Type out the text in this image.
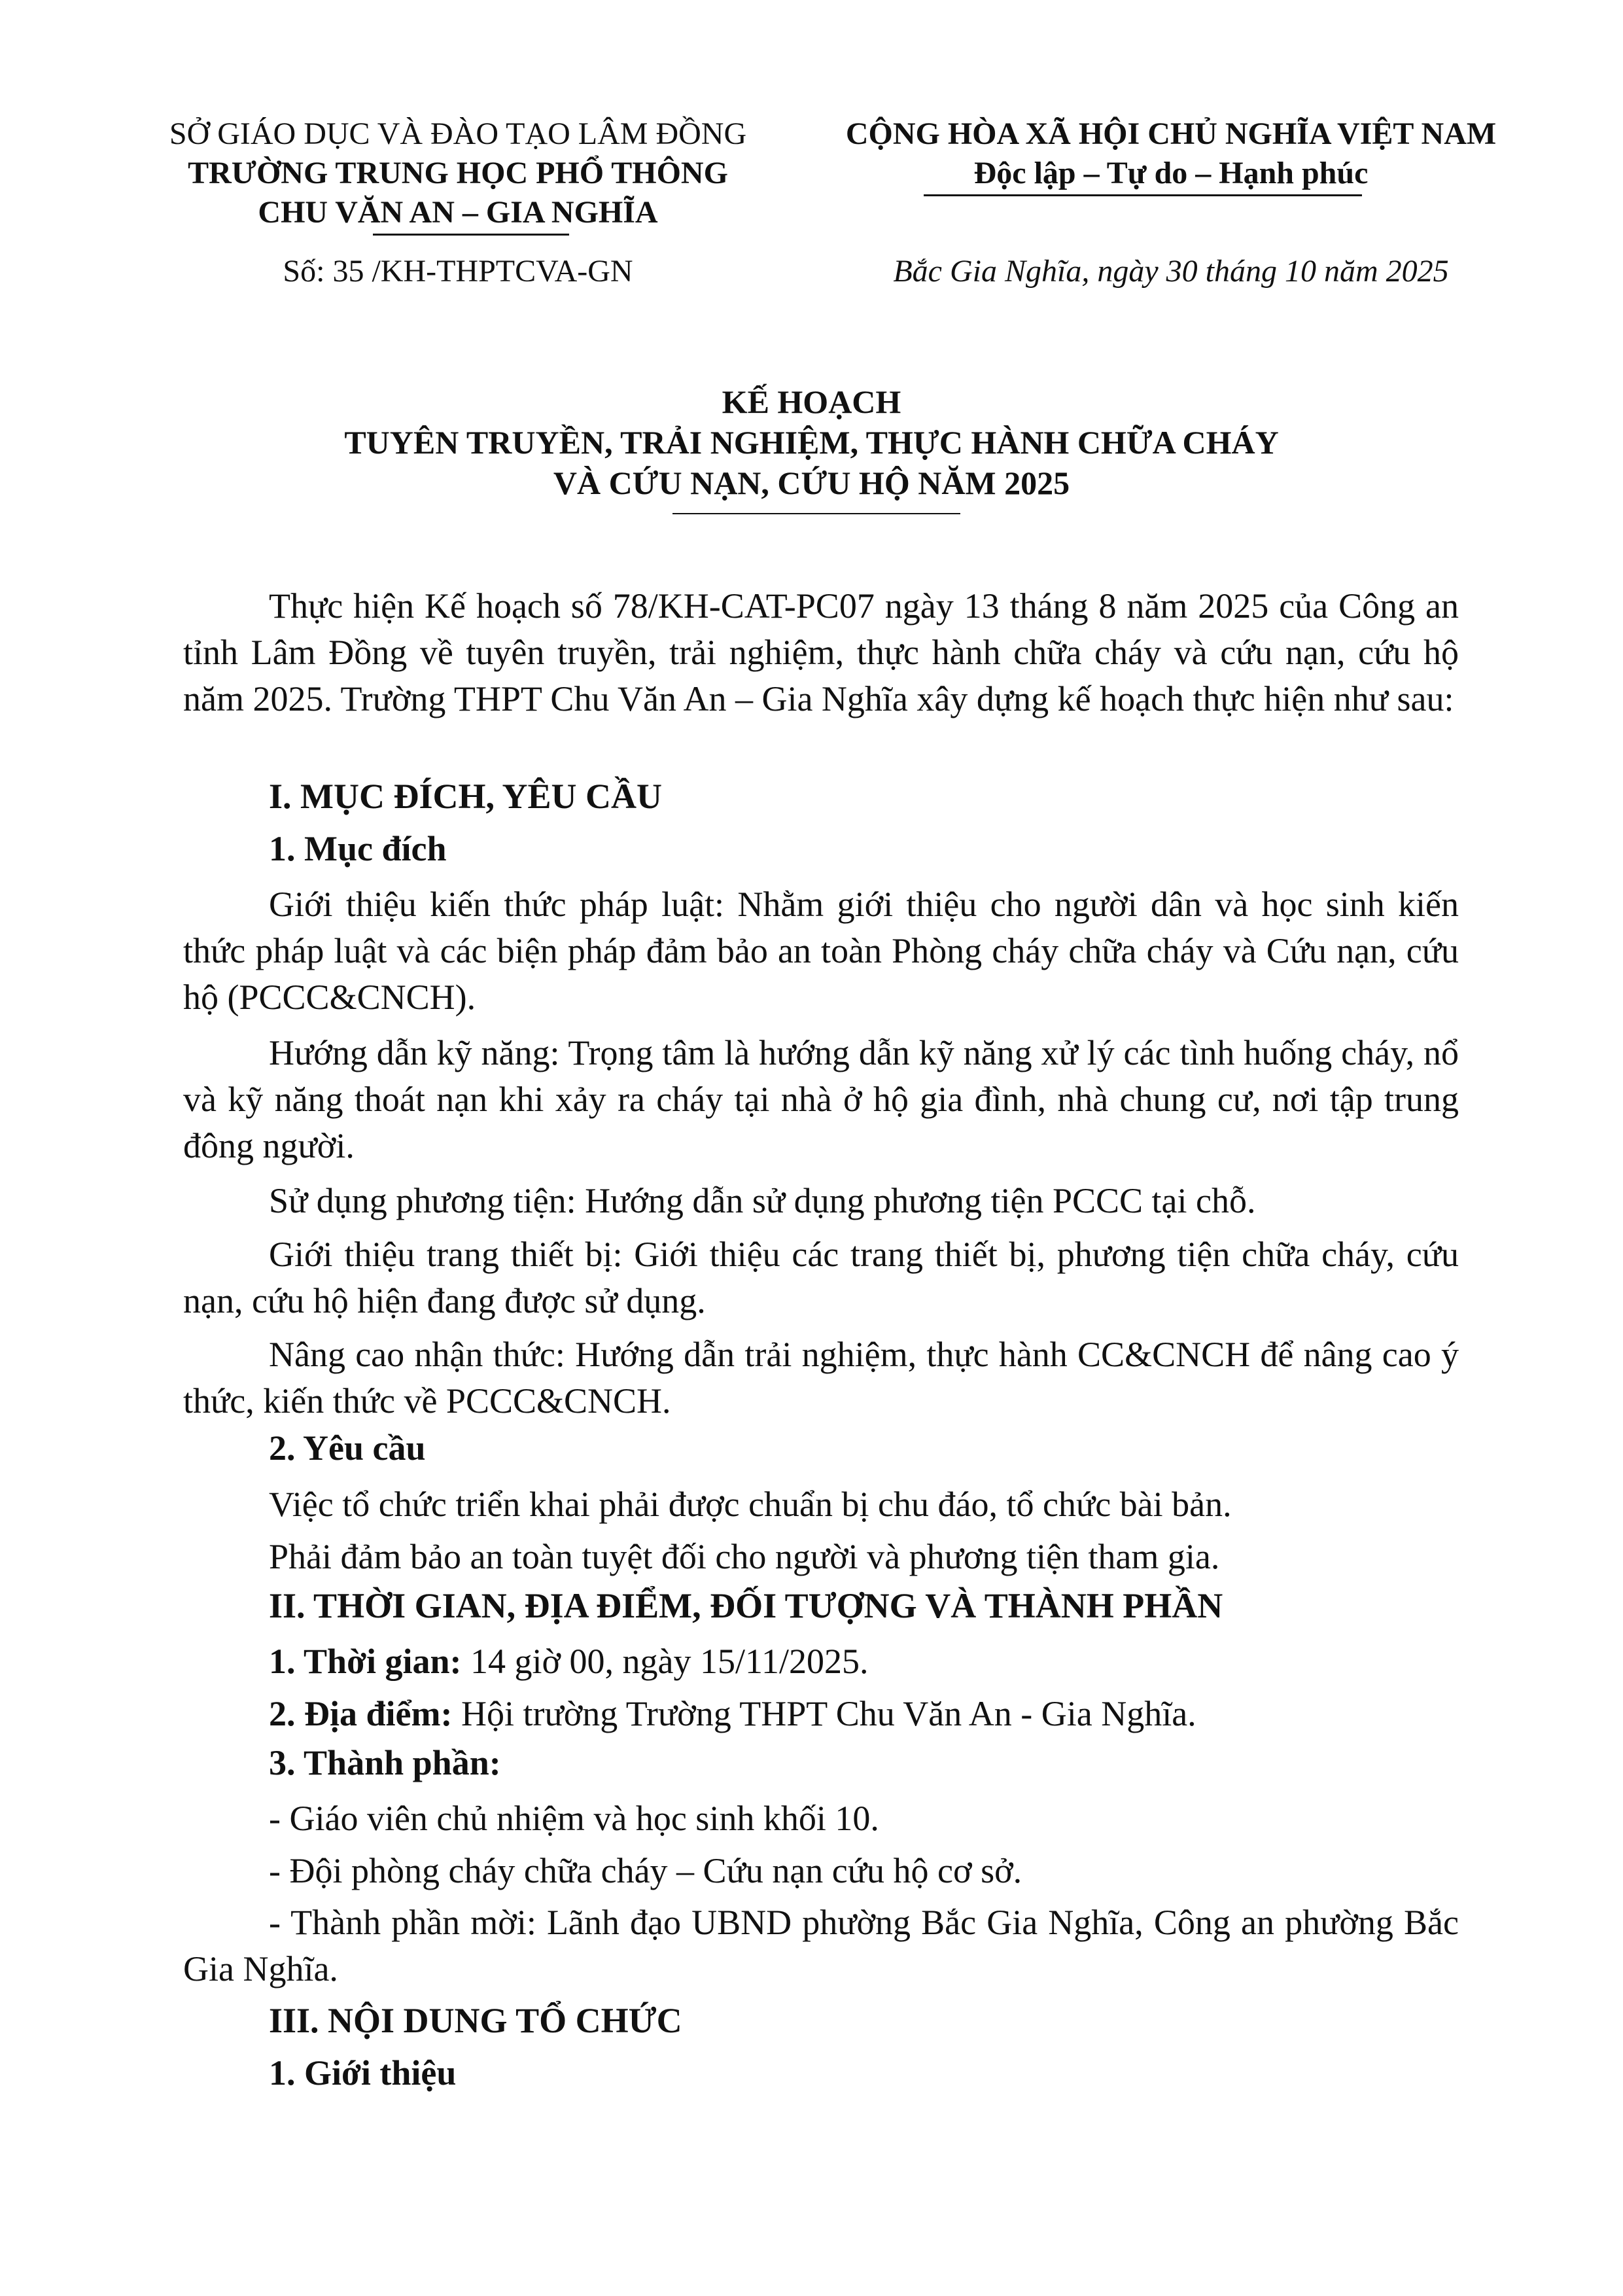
SỞ GIÁO DỤC VÀ ĐÀO TẠO LÂM ĐỒNG
TRƯỜNG TRUNG HỌC PHỔ THÔNG
CHU VĂN AN – GIA NGHĨA
Số: 35 /KH-THPTCVA-GN
CỘNG HÒA XÃ HỘI CHỦ NGHĨA VIỆT NAM
Độc lập – Tự do – Hạnh phúc
Bắc Gia Nghĩa, ngày 30 tháng 10 năm 2025
KẾ HOẠCH
TUYÊN TRUYỀN, TRẢI NGHIỆM, THỰC HÀNH CHỮA CHÁY
VÀ CỨU NẠN, CỨU HỘ NĂM 2025
Thực hiện Kế hoạch số 78/KH-CAT-PC07 ngày 13 tháng 8 năm 2025 của Công an tỉnh Lâm Đồng về tuyên truyền, trải nghiệm, thực hành chữa cháy và cứu nạn, cứu hộ năm 2025. Trường THPT Chu Văn An – Gia Nghĩa xây dựng kế hoạch thực hiện như sau:
I. MỤC ĐÍCH, YÊU CẦU
1. Mục đích
Giới thiệu kiến thức pháp luật: Nhằm giới thiệu cho người dân và học sinh kiến thức pháp luật và các biện pháp đảm bảo an toàn Phòng cháy chữa cháy và Cứu nạn, cứu hộ (PCCC&CNCH).
Hướng dẫn kỹ năng: Trọng tâm là hướng dẫn kỹ năng xử lý các tình huống cháy, nổ và kỹ năng thoát nạn khi xảy ra cháy tại nhà ở hộ gia đình, nhà chung cư, nơi tập trung đông người.
Sử dụng phương tiện: Hướng dẫn sử dụng phương tiện PCCC tại chỗ.
Giới thiệu trang thiết bị: Giới thiệu các trang thiết bị, phương tiện chữa cháy, cứu nạn, cứu hộ hiện đang được sử dụng.
Nâng cao nhận thức: Hướng dẫn trải nghiệm, thực hành CC&CNCH để nâng cao ý thức, kiến thức về PCCC&CNCH.
2. Yêu cầu
Việc tổ chức triển khai phải được chuẩn bị chu đáo, tổ chức bài bản.
Phải đảm bảo an toàn tuyệt đối cho người và phương tiện tham gia.
II. THỜI GIAN, ĐỊA ĐIỂM, ĐỐI TƯỢNG VÀ THÀNH PHẦN
1. Thời gian: 14 giờ 00, ngày 15/11/2025.
2. Địa điểm: Hội trường Trường THPT Chu Văn An - Gia Nghĩa.
3. Thành phần:
- Giáo viên chủ nhiệm và học sinh khối 10.
- Đội phòng cháy chữa cháy – Cứu nạn cứu hộ cơ sở.
- Thành phần mời: Lãnh đạo UBND phường Bắc Gia Nghĩa, Công an phường Bắc Gia Nghĩa.
III. NỘI DUNG TỔ CHỨC
1. Giới thiệu
